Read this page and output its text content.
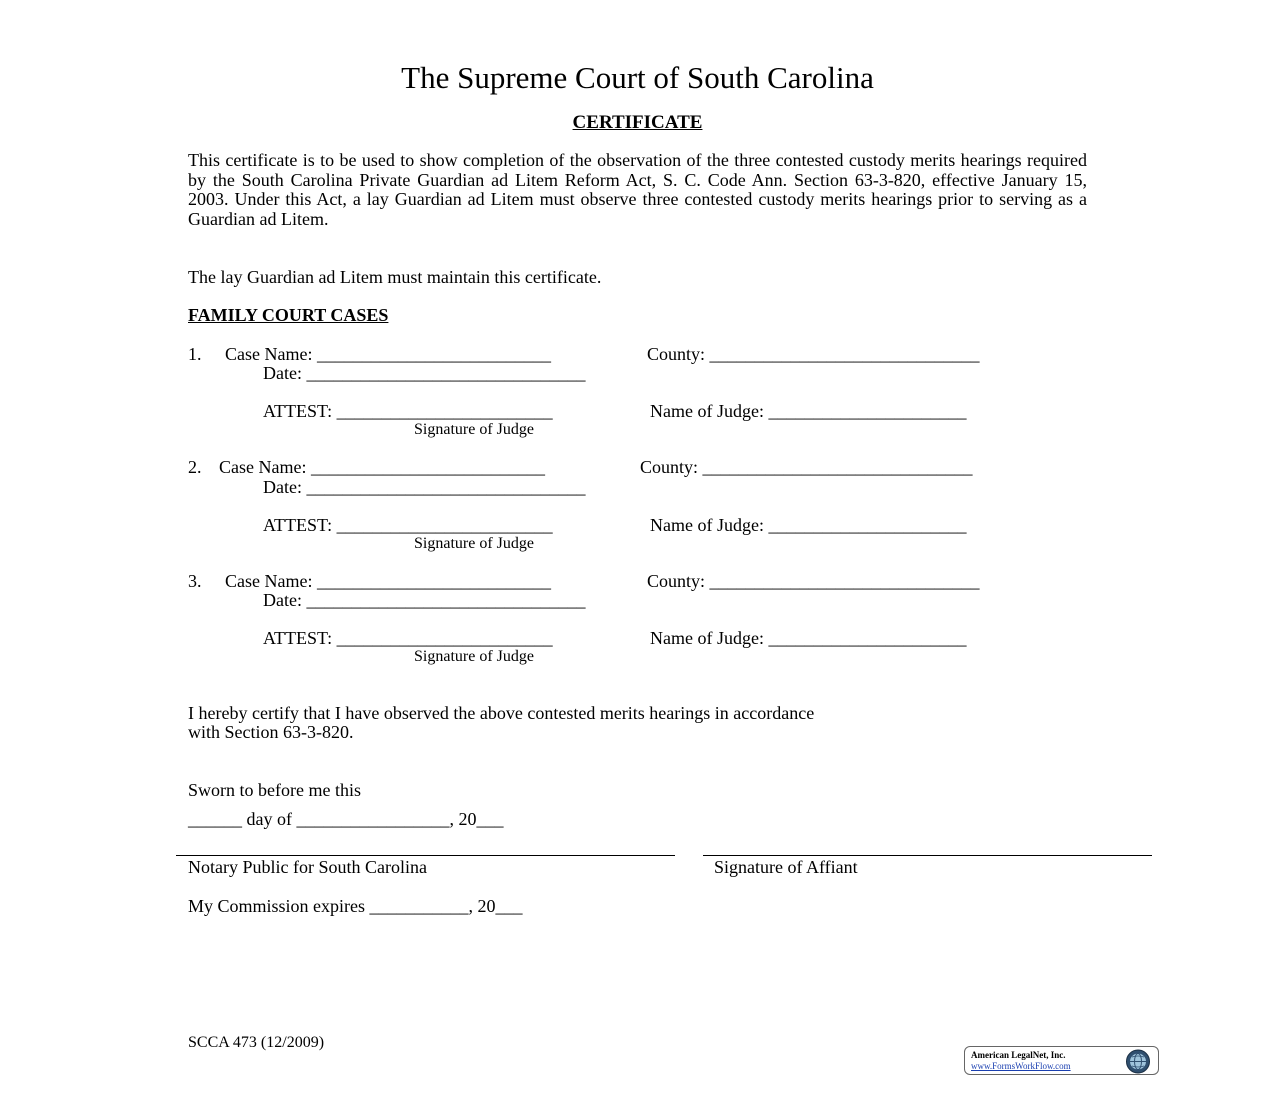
The Supreme Court of South Carolina
CERTIFICATE
This certificate is to be used to show completion of the observation of the three contested custody merits hearings required by the South Carolina Private Guardian ad Litem Reform Act, S. C. Code Ann. Section 63-3-820, effective January 15, 2003. Under this Act, a lay Guardian ad Litem must observe three contested custody merits hearings prior to serving as a Guardian ad Litem.
The lay Guardian ad Litem must maintain this certificate.
FAMILY COURT CASES
1. Case Name: __________________________	County: ______________________________
Date: _______________________________
ATTEST: ________________________	Name of Judge: ______________________
Signature of Judge
2. Case Name: __________________________	County: ______________________________
Date: _______________________________
ATTEST: ________________________	Name of Judge: ______________________
Signature of Judge
3. Case Name: __________________________	County: ______________________________
Date: _______________________________
ATTEST: ________________________	Name of Judge: ______________________
Signature of Judge
I hereby certify that I have observed the above contested merits hearings in accordance
with Section 63-3-820.
Sworn to before me this
______ day of _________________, 20___
Notary Public for South Carolina	Signature of Affiant
My Commission expires ___________, 20___
SCCA 473 (12/2009)
American LegalNet, Inc.
www.FormsWorkFlow.com
